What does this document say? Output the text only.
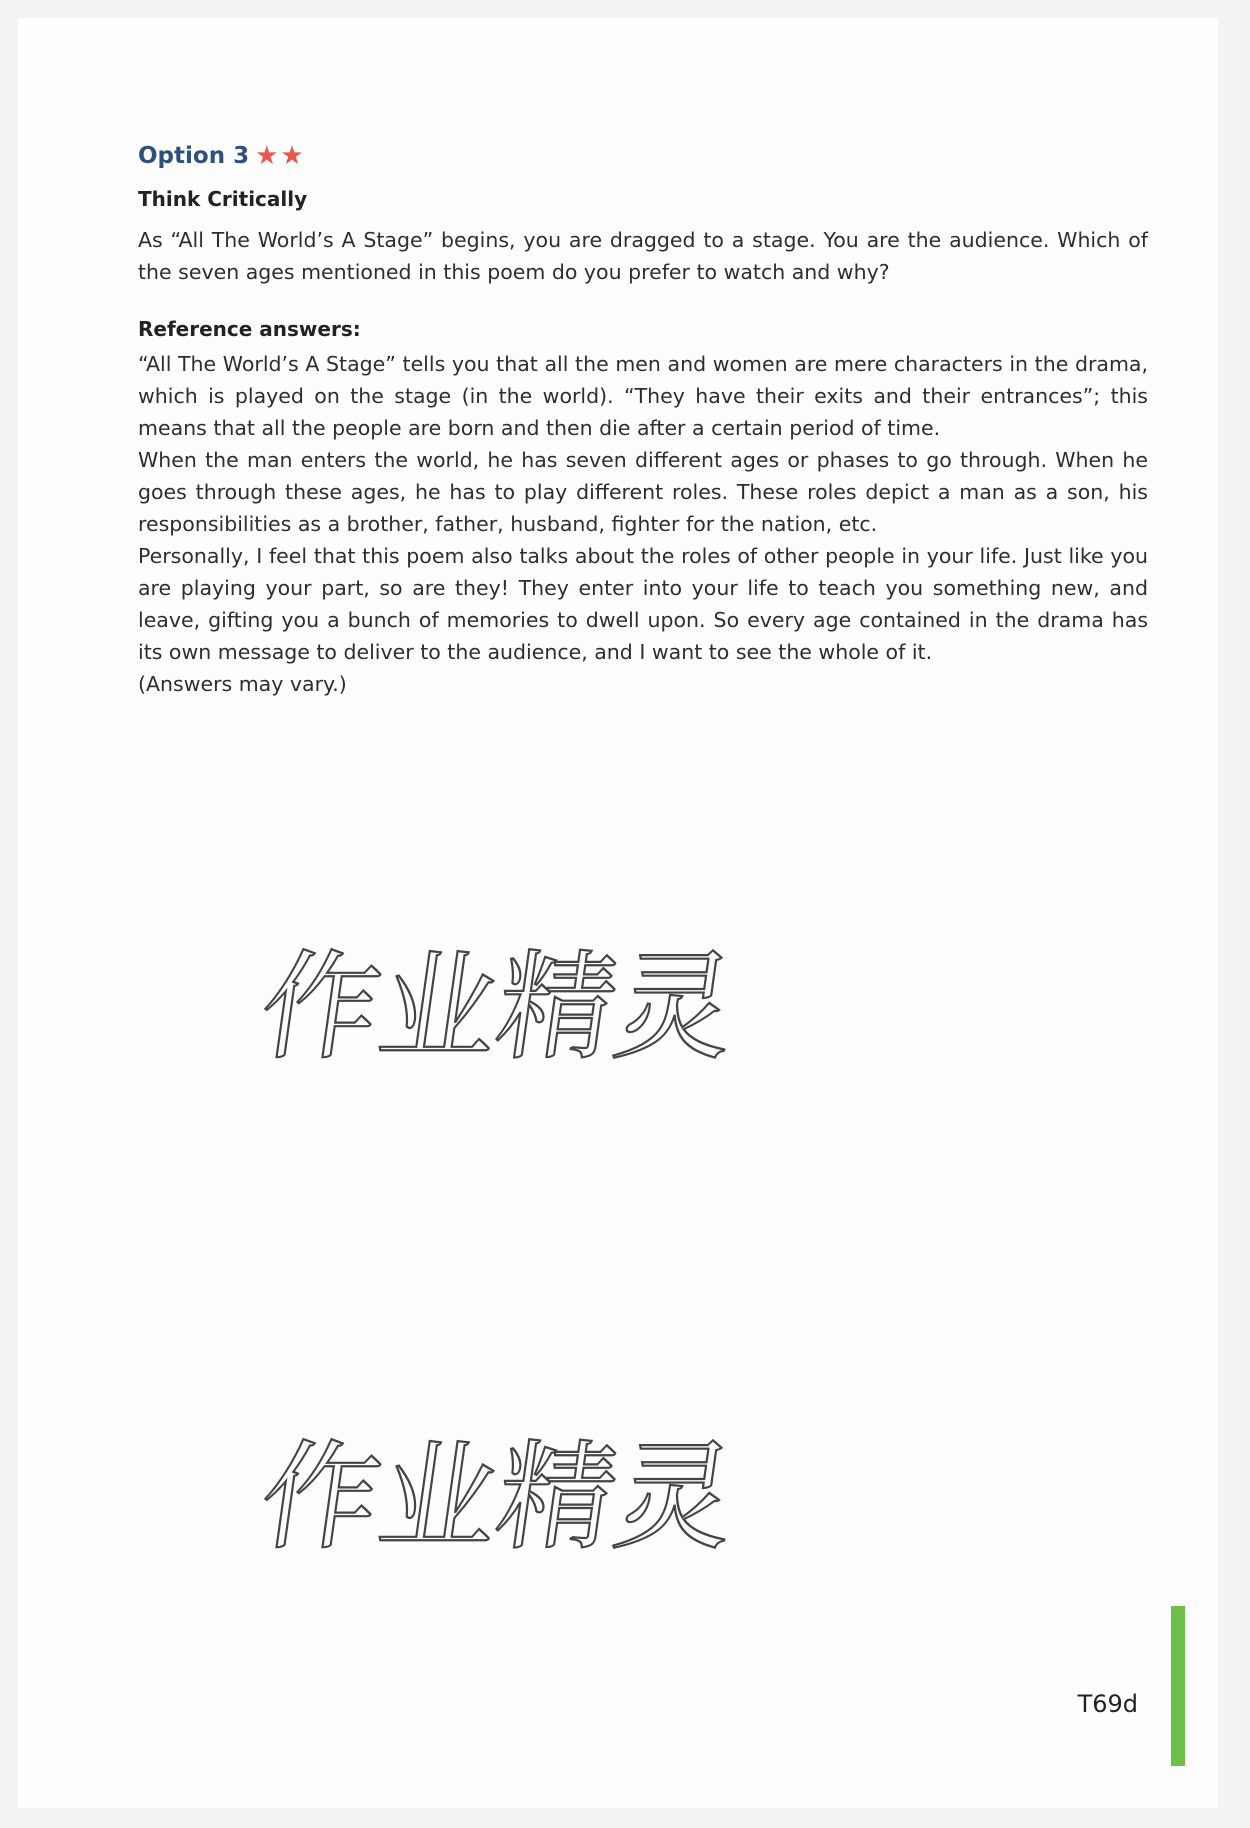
Option 3 ★★
Think Critically

As “All The World’s A Stage” begins, you are dragged to a stage. You are the audience. Which of the seven ages mentioned in this poem do you prefer to watch and why?

Reference answers:

“All The World’s A Stage” tells you that all the men and women are mere characters in the drama, which is played on the stage (in the world). “They have their exits and their entrances”; this means that all the people are born and then die after a certain period of time.

When the man enters the world, he has seven different ages or phases to go through. When he goes through these ages, he has to play different roles. These roles depict a man as a son, his responsibilities as a brother, father, husband, fighter for the nation, etc.

Personally, I feel that this poem also talks about the roles of other people in your life. Just like you are playing your part, so are they! They enter into your life to teach you something new, and leave, gifting you a bunch of memories to dwell upon. So every age contained in the drama has its own message to deliver to the audience, and I want to see the whole of it.

(Answers may vary.)

作业精灵
作业精灵
T69d
